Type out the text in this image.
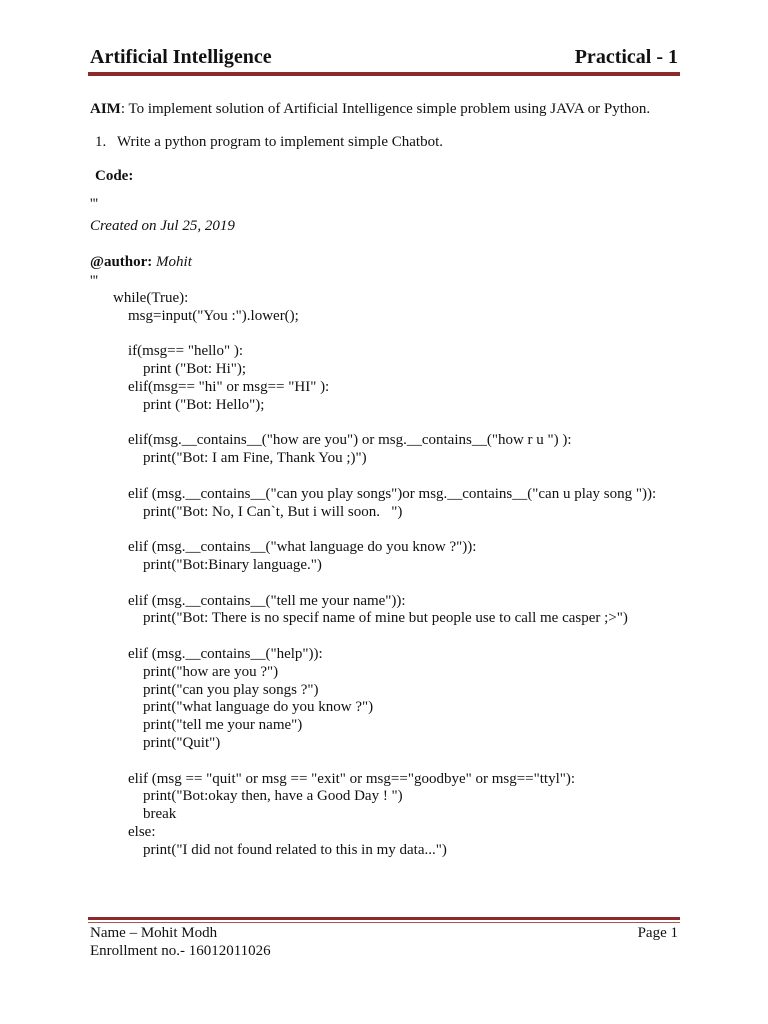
Artificial Intelligence	Practical - 1
AIM: To implement solution of Artificial Intelligence simple problem using JAVA or Python.
1. Write a python program to implement simple Chatbot.
Code:
'''
Created on Jul 25, 2019
@author: Mohit
'''
while(True):
msg=input("You :").lower();

if(msg== "hello" ):
print ("Bot: Hi");
elif(msg== "hi" or msg== "HI" ):
print ("Bot: Hello");

elif(msg.__contains__("how are you") or msg.__contains__("how r u ") ):
print("Bot: I am Fine, Thank You ;)")

elif (msg.__contains__("can you play songs")or msg.__contains__("can u play song ")):
print("Bot: No, I Can`t, But i will soon.   ")

elif (msg.__contains__("what language do you know ?")):
print("Bot:Binary language.")

elif (msg.__contains__("tell me your name")):
print("Bot: There is no specif name of mine but people use to call me casper ;>")

elif (msg.__contains__("help")):
print("how are you ?")
print("can you play songs ?")
print("what language do you know ?")
print("tell me your name")
print("Quit")

elif (msg == "quit" or msg == "exit" or msg=="goodbye" or msg=="ttyl"):
print("Bot:okay then, have a Good Day ! ")
break
else:
print("I did not found related to this in my data...")
Name – Mohit Modh
Enrollment no.- 16012011026
Page 1
